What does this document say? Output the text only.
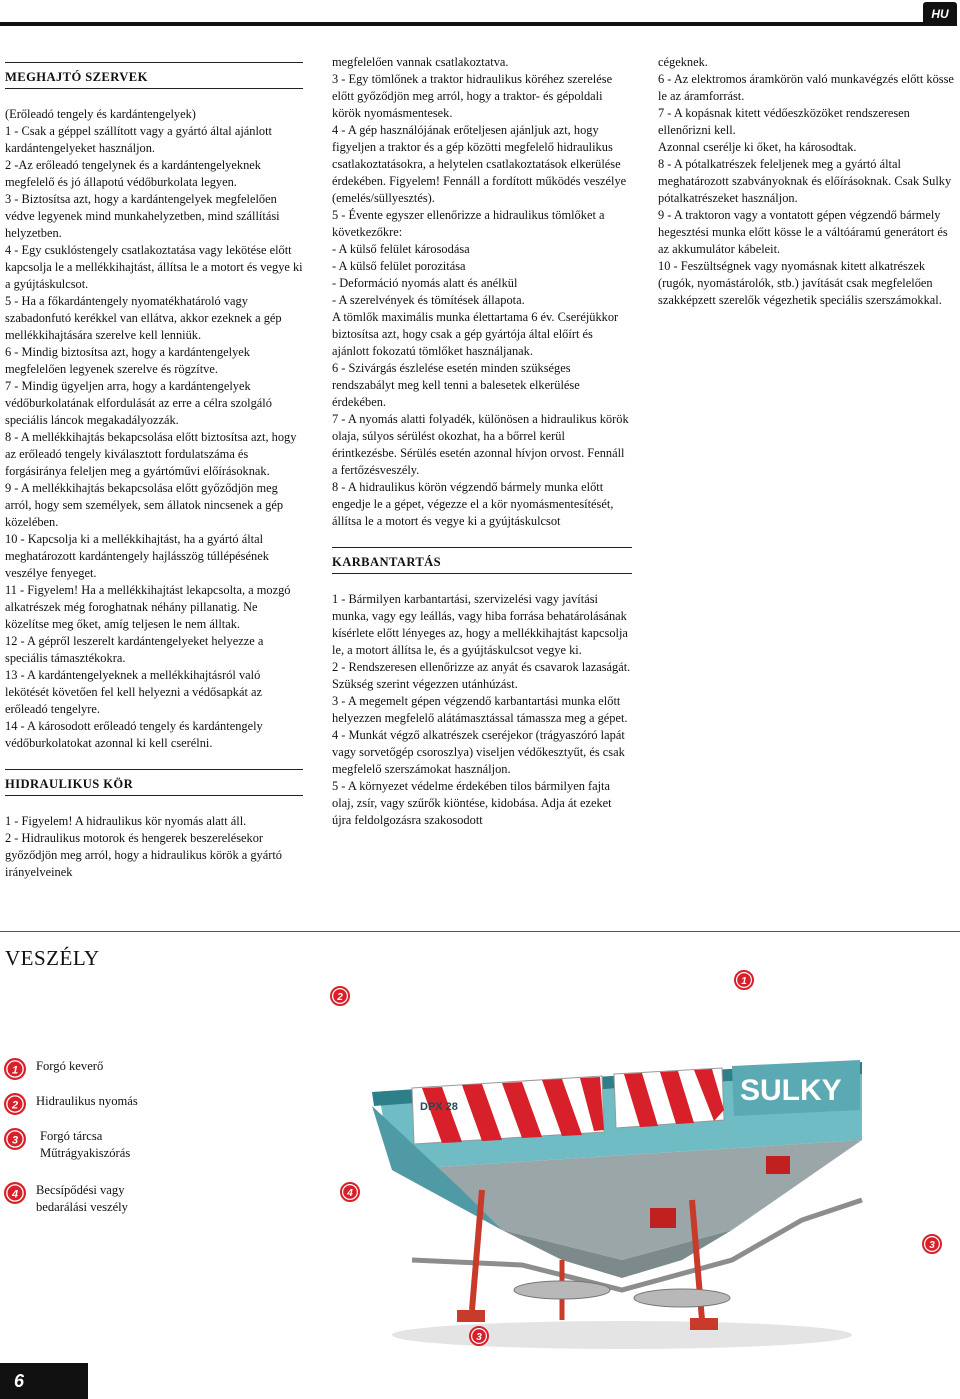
HU
MEGHAJTÓ SZERVEK

(Erőleadó tengely és kardántengelyek)

1 - Csak a géppel szállított vagy a gyártó által ajánlott kardántengelyeket használjon.

2 -Az erőleadó tengelynek és a kardántengelyeknek megfelelő és jó állapotú védőburkolata legyen.

3 - Biztosítsa azt, hogy a kardántengelyek megfelelően védve legyenek mind munkahelyzetben, mind szállítási helyzetben.

4 - Egy csuklóstengely csatlakoztatása vagy lekötése előtt kapcsolja le a mellékkihajtást, állítsa le a motort és vegye ki a gyújtáskulcsot.

5 - Ha a főkardántengely nyomatékhatároló vagy szabadonfutó kerékkel van ellátva, akkor ezeknek a gép mellékkihajtására szerelve kell lenniük.

6 - Mindig biztosítsa azt, hogy a kardántengelyek megfelelően legyenek szerelve és rögzítve.

7 - Mindig ügyeljen arra, hogy a kardántengelyek védőburkolatának elfordulását az erre a célra szolgáló speciális láncok megakadályozzák.

8 - A mellékkihajtás bekapcsolása előtt biztosítsa azt, hogy az erőleadó tengely kiválasztott fordulatszáma és forgásiránya feleljen meg a gyártóművi előírásoknak.

9 - A mellékkihajtás bekapcsolása előtt győződjön meg arról, hogy sem személyek, sem állatok nincsenek a gép közelében.

10 - Kapcsolja ki a mellékkihajtást, ha a gyártó által meghatározott kardántengely hajlásszög túllépésének veszélye fenyeget.

11 - Figyelem! Ha a mellékkihajtást lekapcsolta, a mozgó alkatrészek még foroghatnak néhány pillanatig. Ne közelítse meg őket, amíg teljesen le nem álltak.

12 - A gépről leszerelt kardántengelyeket helyezze a speciális támasztékokra.

13 - A kardántengelyeknek a mellékkihajtásról való lekötését követően fel kell helyezni a védősapkát az erőleadó tengelyre.

14 - A károsodott erőleadó tengely és kardántengely védőburkolatokat azonnal ki kell cserélni.

HIDRAULIKUS KÖR

1 - Figyelem! A hidraulikus kör nyomás alatt áll.

2 - Hidraulikus motorok és hengerek beszerelésekor győződjön meg arról, hogy a hidraulikus körök a gyártó irányelveinek

megfelelően vannak csatlakoztatva.

3 - Egy tömlőnek a traktor hidraulikus köréhez szerelése előtt győződjön meg arról, hogy a traktor- és gépoldali körök nyomásmentesek.

4 - A gép használójának erőteljesen ajánljuk azt, hogy figyeljen a traktor és a gép közötti megfelelő hidraulikus csatlakoztatásokra, a helytelen csatlakoztatások elkerülése érdekében. Figyelem! Fennáll a fordított működés veszélye (emelés/süllyesztés).

5 - Évente egyszer ellenőrizze a hidraulikus tömlőket a következőkre:

- A külső felület károsodása

- A külső felület porozitása

- Deformáció nyomás alatt és anélkül

- A szerelvények és tömítések állapota.

A tömlők maximális munka élettartama 6 év. Cseréjükkor biztosítsa azt, hogy csak a gép gyártója által előírt és ajánlott fokozatú tömlőket használjanak.

6 - Szivárgás észlelése esetén minden szükséges rendszabályt meg kell tenni a balesetek elkerülése érdekében.

7 - A nyomás alatti folyadék, különösen a hidraulikus körök olaja, súlyos sérülést okozhat, ha a bőrrel kerül érintkezésbe. Sérülés esetén azonnal hívjon orvost. Fennáll a fertőzésveszély.

8 - A hidraulikus körön végzendő bármely munka előtt engedje le a gépet, végezze el a kör nyomásmentesítését, állítsa le a motort és vegye ki a gyújtáskulcsot

KARBANTARTÁS

1 - Bármilyen karbantartási, szervizelési vagy javítási munka, vagy egy leállás, vagy hiba forrása behatárolásának kísérlete előtt lényeges az, hogy a mellékkihajtást kapcsolja le, a motort állítsa le, és a gyújtáskulcsot vegye ki.

2 - Rendszeresen ellenőrizze az anyát és csavarok lazaságát. Szükség szerint végezzen utánhúzást.

3 - A megemelt gépen végzendő karbantartási munka előtt helyezzen megfelelő alátámasztással támassza meg a gépet.

4 - Munkát végző alkatrészek cseréjekor (trágyaszóró lapát vagy sorvetőgép csoroszlya) viseljen védőkesztyűt, és csak megfelelő szerszámokat használjon.

5 - A környezet védelme érdekében tilos bármilyen fajta olaj, zsír, vagy szűrők kiöntése, kidobása. Adja át ezeket újra feldolgozásra szakosodott

cégeknek.

6 - Az elektromos áramkörön való munkavégzés előtt kösse le az áramforrást.

7 - A kopásnak kitett védőeszközöket rendszeresen ellenőrizni kell.

Azonnal cserélje ki őket, ha károsodtak.

8 - A pótalkatrészek feleljenek meg a gyártó által meghatározott szabványoknak és előírásoknak. Csak Sulky pótalkatrészeket használjon.

9 - A traktoron vagy a vontatott gépen végzendő bármely hegesztési munka előtt kösse le a váltóáramú generátort és az akkumulátor kábeleit.

10 - Feszültségnek vagy nyomásnak kitett alkatrészek (rugók, nyomástárolók, stb.) javítását csak megfelelően szakképzett szerelők végezhetik speciális szerszámokkal.

VESZÉLY
1 Forgó keverő
2 Hidraulikus nyomás
3 Forgó tárcsa
Műtrágyakiszórás
4 Becsípődési vagy
bedarálási veszély
SULKY
DPX 28
2
1
4
3
3
6
